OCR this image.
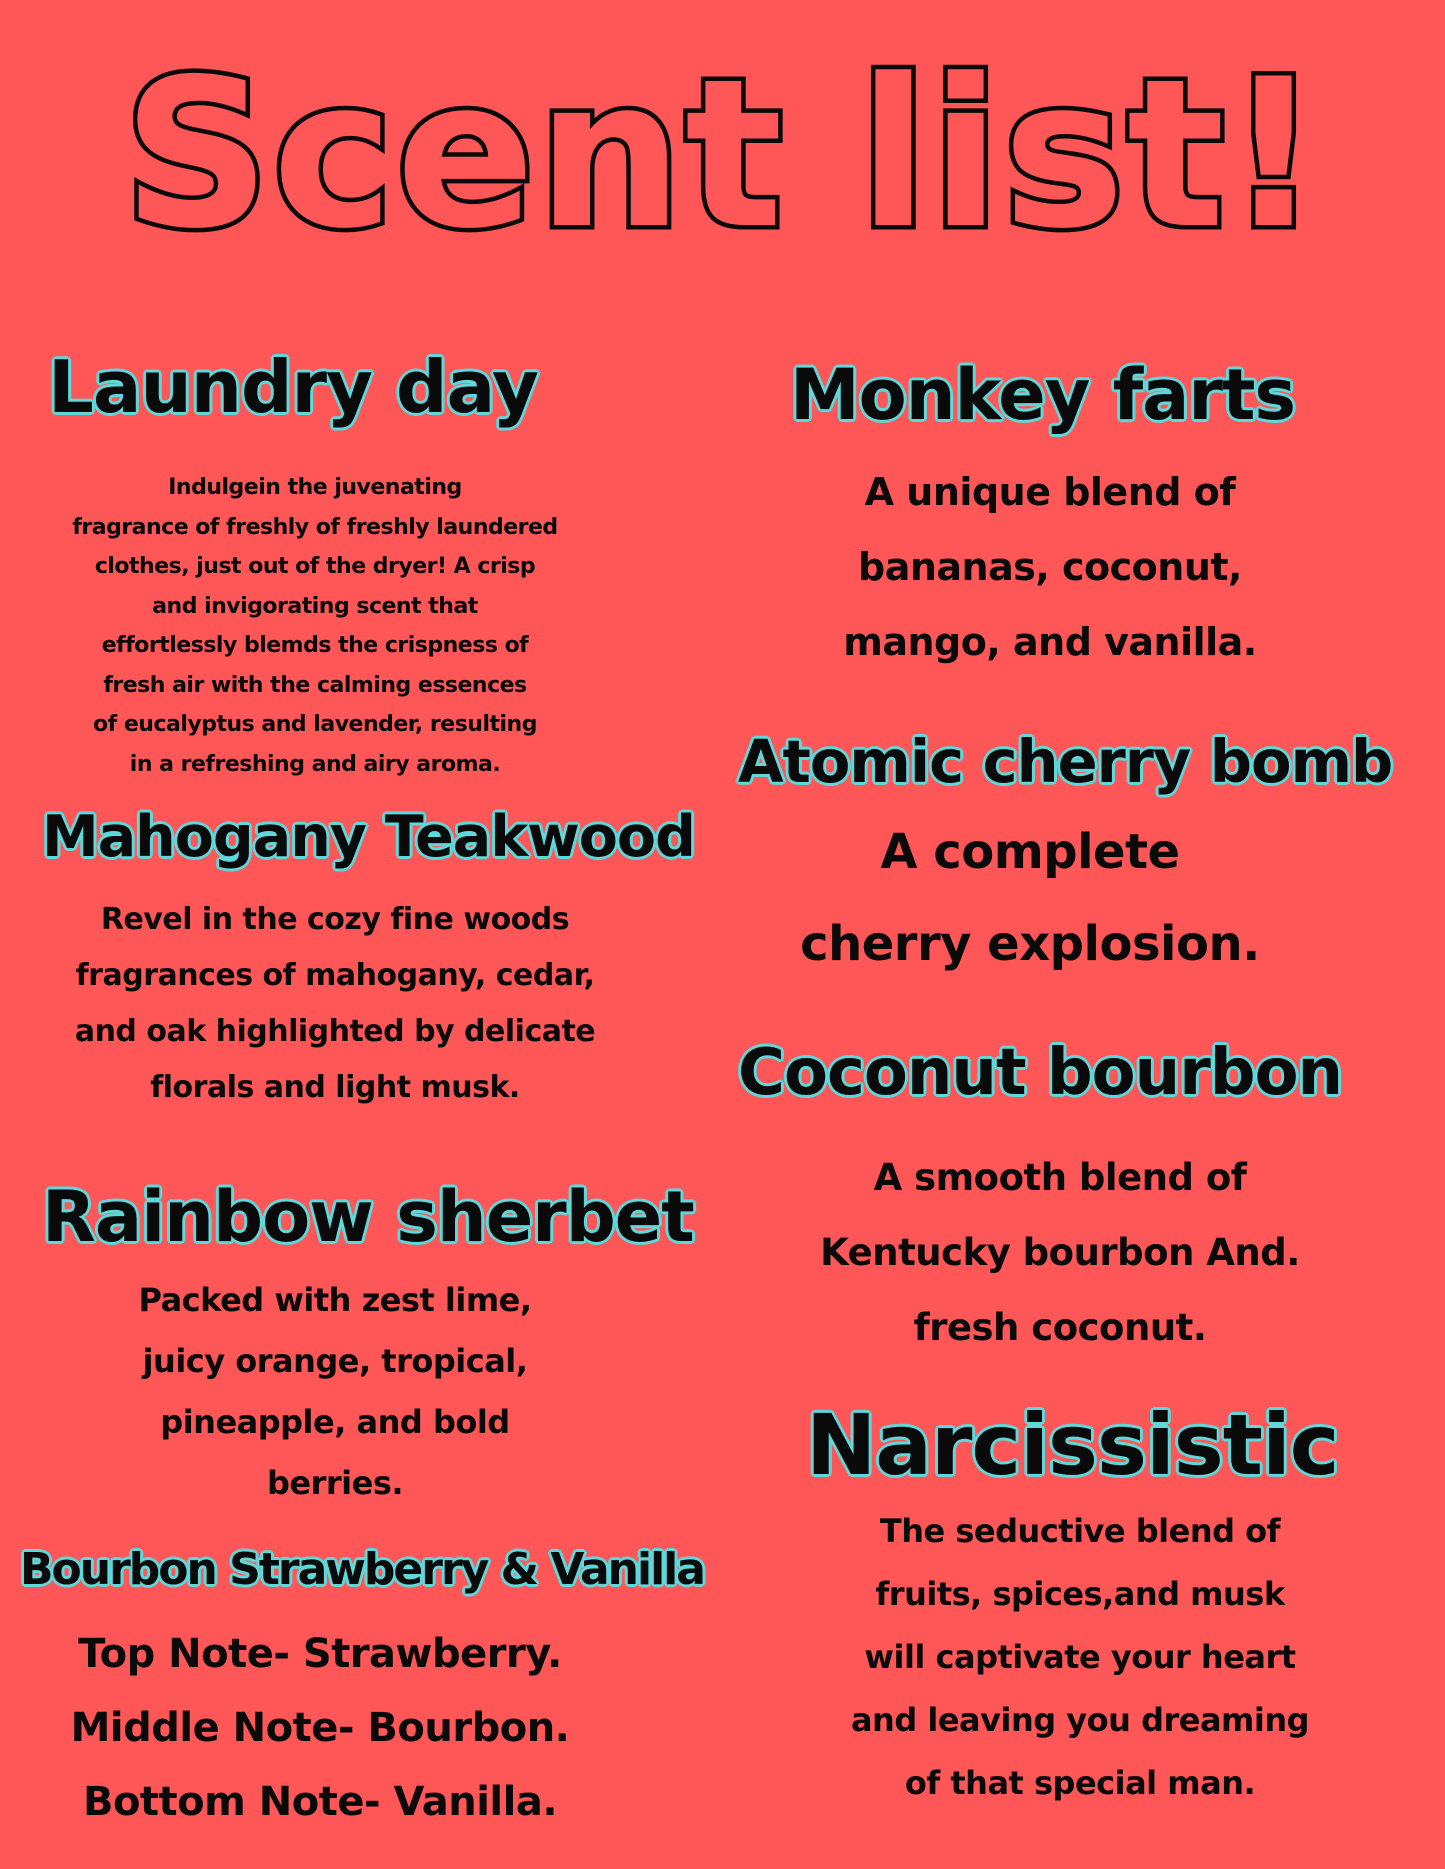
Scent list!
Laundry day

Indulgein the juvenating
fragrance of freshly of freshly laundered
clothes, just out of the dryer! A crisp
and invigorating scent that
effortlessly blemds the crispness of
fresh air with the calming essences
of eucalyptus and lavender, resulting
in a refreshing and airy aroma.

Mahogany Teakwood

Revel in the cozy fine woods
fragrances of mahogany, cedar,
and oak highlighted by delicate
florals and light musk.

Rainbow sherbet

Packed with zest lime,
juicy orange, tropical,
pineapple, and bold
berries.

Bourbon Strawberry & Vanilla

Top Note- Strawberry.
Middle Note- Bourbon.
Bottom Note- Vanilla.

Monkey farts

A unique blend of
bananas, coconut,
mango, and vanilla.

Atomic cherry bomb

A complete
cherry explosion.

Coconut bourbon

A smooth blend of
Kentucky bourbon And.
fresh coconut.

Narcissistic

The seductive blend of
fruits, spices,and musk
will captivate your heart
and leaving you dreaming
of that special man.
